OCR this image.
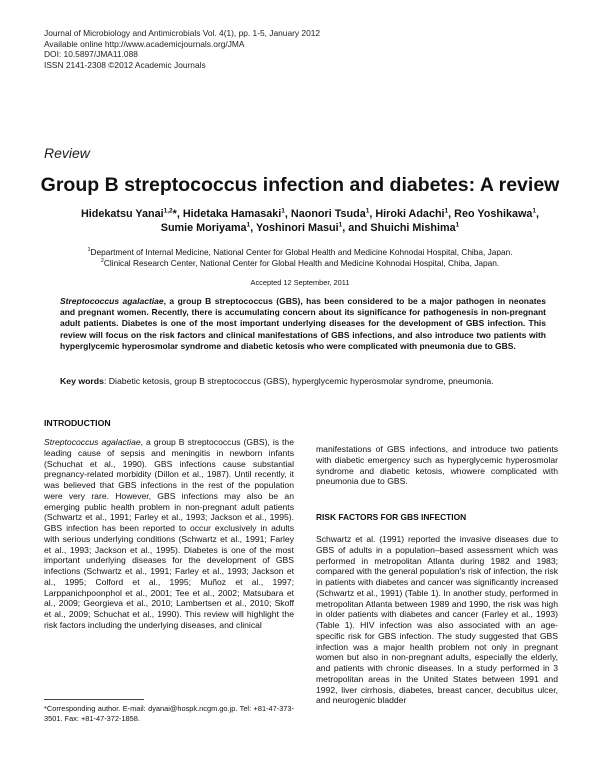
Journal of Microbiology and Antimicrobials Vol. 4(1), pp. 1-5, January 2012
Available online http://www.academicjournals.org/JMA
DOI: 10.5897/JMA11.088
ISSN 2141-2308 ©2012 Academic Journals
Review
Group B streptococcus infection and diabetes: A review
Hidekatsu Yanai$^{1,2}$*, Hidetaka Hamasaki$^1$, Naonori Tsuda$^1$, Hiroki Adachi$^1$, Reo Yoshikawa$^1$,
Sumie Moriyama$^1$, Yoshinori Masui$^1$, and Shuichi Mishima$^1$
$^1$Department of Internal Medicine, National Center for Global Health and Medicine Kohnodai Hospital, Chiba, Japan.
$^2$Clinical Research Center, National Center for Global Health and Medicine Kohnodai Hospital, Chiba, Japan.
Accepted 12 September, 2011
Streptococcus agalactiae, a group B streptococcus (GBS), has been considered to be a major pathogen in neonates and pregnant women. Recently, there is accumulating concern about its significance for pathogenesis in non-pregnant adult patients. Diabetes is one of the most important underlying diseases for the development of GBS infection. This review will focus on the risk factors and clinical manifestations of GBS infections, and also introduce two patients with hyperglycemic hyperosmolar syndrome and diabetic ketosis who were complicated with pneumonia due to GBS.
Key words: Diabetic ketosis, group B streptococcus (GBS), hyperglycemic hyperosmolar syndrome, pneumonia.
INTRODUCTION

Streptococcus agalactiae, a group B streptococcus (GBS), is the leading cause of sepsis and meningitis in newborn infants (Schuchat et al., 1990). GBS infections cause substantial pregnancy-related morbidity (Dillon et al., 1987). Until recently, it was believed that GBS infections in the rest of the population were very rare. However, GBS infections may also be an emerging public health problem in non-pregnant adult patients (Schwartz et al., 1991; Farley et al., 1993; Jackson et al., 1995). GBS infection has been reported to occur exclusively in adults with serious underlying conditions (Schwartz et al., 1991; Farley et al., 1993; Jackson et al., 1995). Diabetes is one of the most important underlying diseases for the development of GBS infections (Schwartz et al., 1991; Farley et al., 1993; Jackson et al., 1995; Colford et al., 1995; Muñoz et al., 1997; Larppanichpoonphol et al., 2001; Tee et al., 2002; Matsubara et al., 2009; Georgieva et al., 2010; Lambertsen et al., 2010; Skoff et al., 2009; Schuchat et al., 1990). This review will highlight the risk factors including the underlying diseases, and clinical

manifestations of GBS infections, and introduce two patients with diabetic emergency such as hyperglycemic hyperosmolar syndrome and diabetic ketosis, whowere complicated with pneumonia due to GBS.

RISK FACTORS FOR GBS INFECTION

Schwartz et al. (1991) reported the invasive diseases due to GBS of adults in a population–based assessment which was performed in metropolitan Atlanta during 1982 and 1983; compared with the general population's risk of infection, the risk in patients with diabetes and cancer was significantly increased (Schwartz et al., 1991) (Table 1). In another study, performed in metropolitan Atlanta between 1989 and 1990, the risk was high in older patients with diabetes and cancer (Farley et al., 1993) (Table 1). HIV infection was also associated with an age-specific risk for GBS infection. The study suggested that GBS infection was a major health problem not only in pregnant women but also in non-pregnant adults, especially the elderly, and patients with chronic diseases. In a study performed in 3 metropolitan areas in the United States between 1991 and 1992, liver cirrhosis, diabetes, breast cancer, decubitus ulcer, and neurogenic bladder

*Corresponding author. E-mail: dyanai@hospk.ncgm.go.jp. Tel: +81-47-373-3501. Fax: +81-47-372-1858.
